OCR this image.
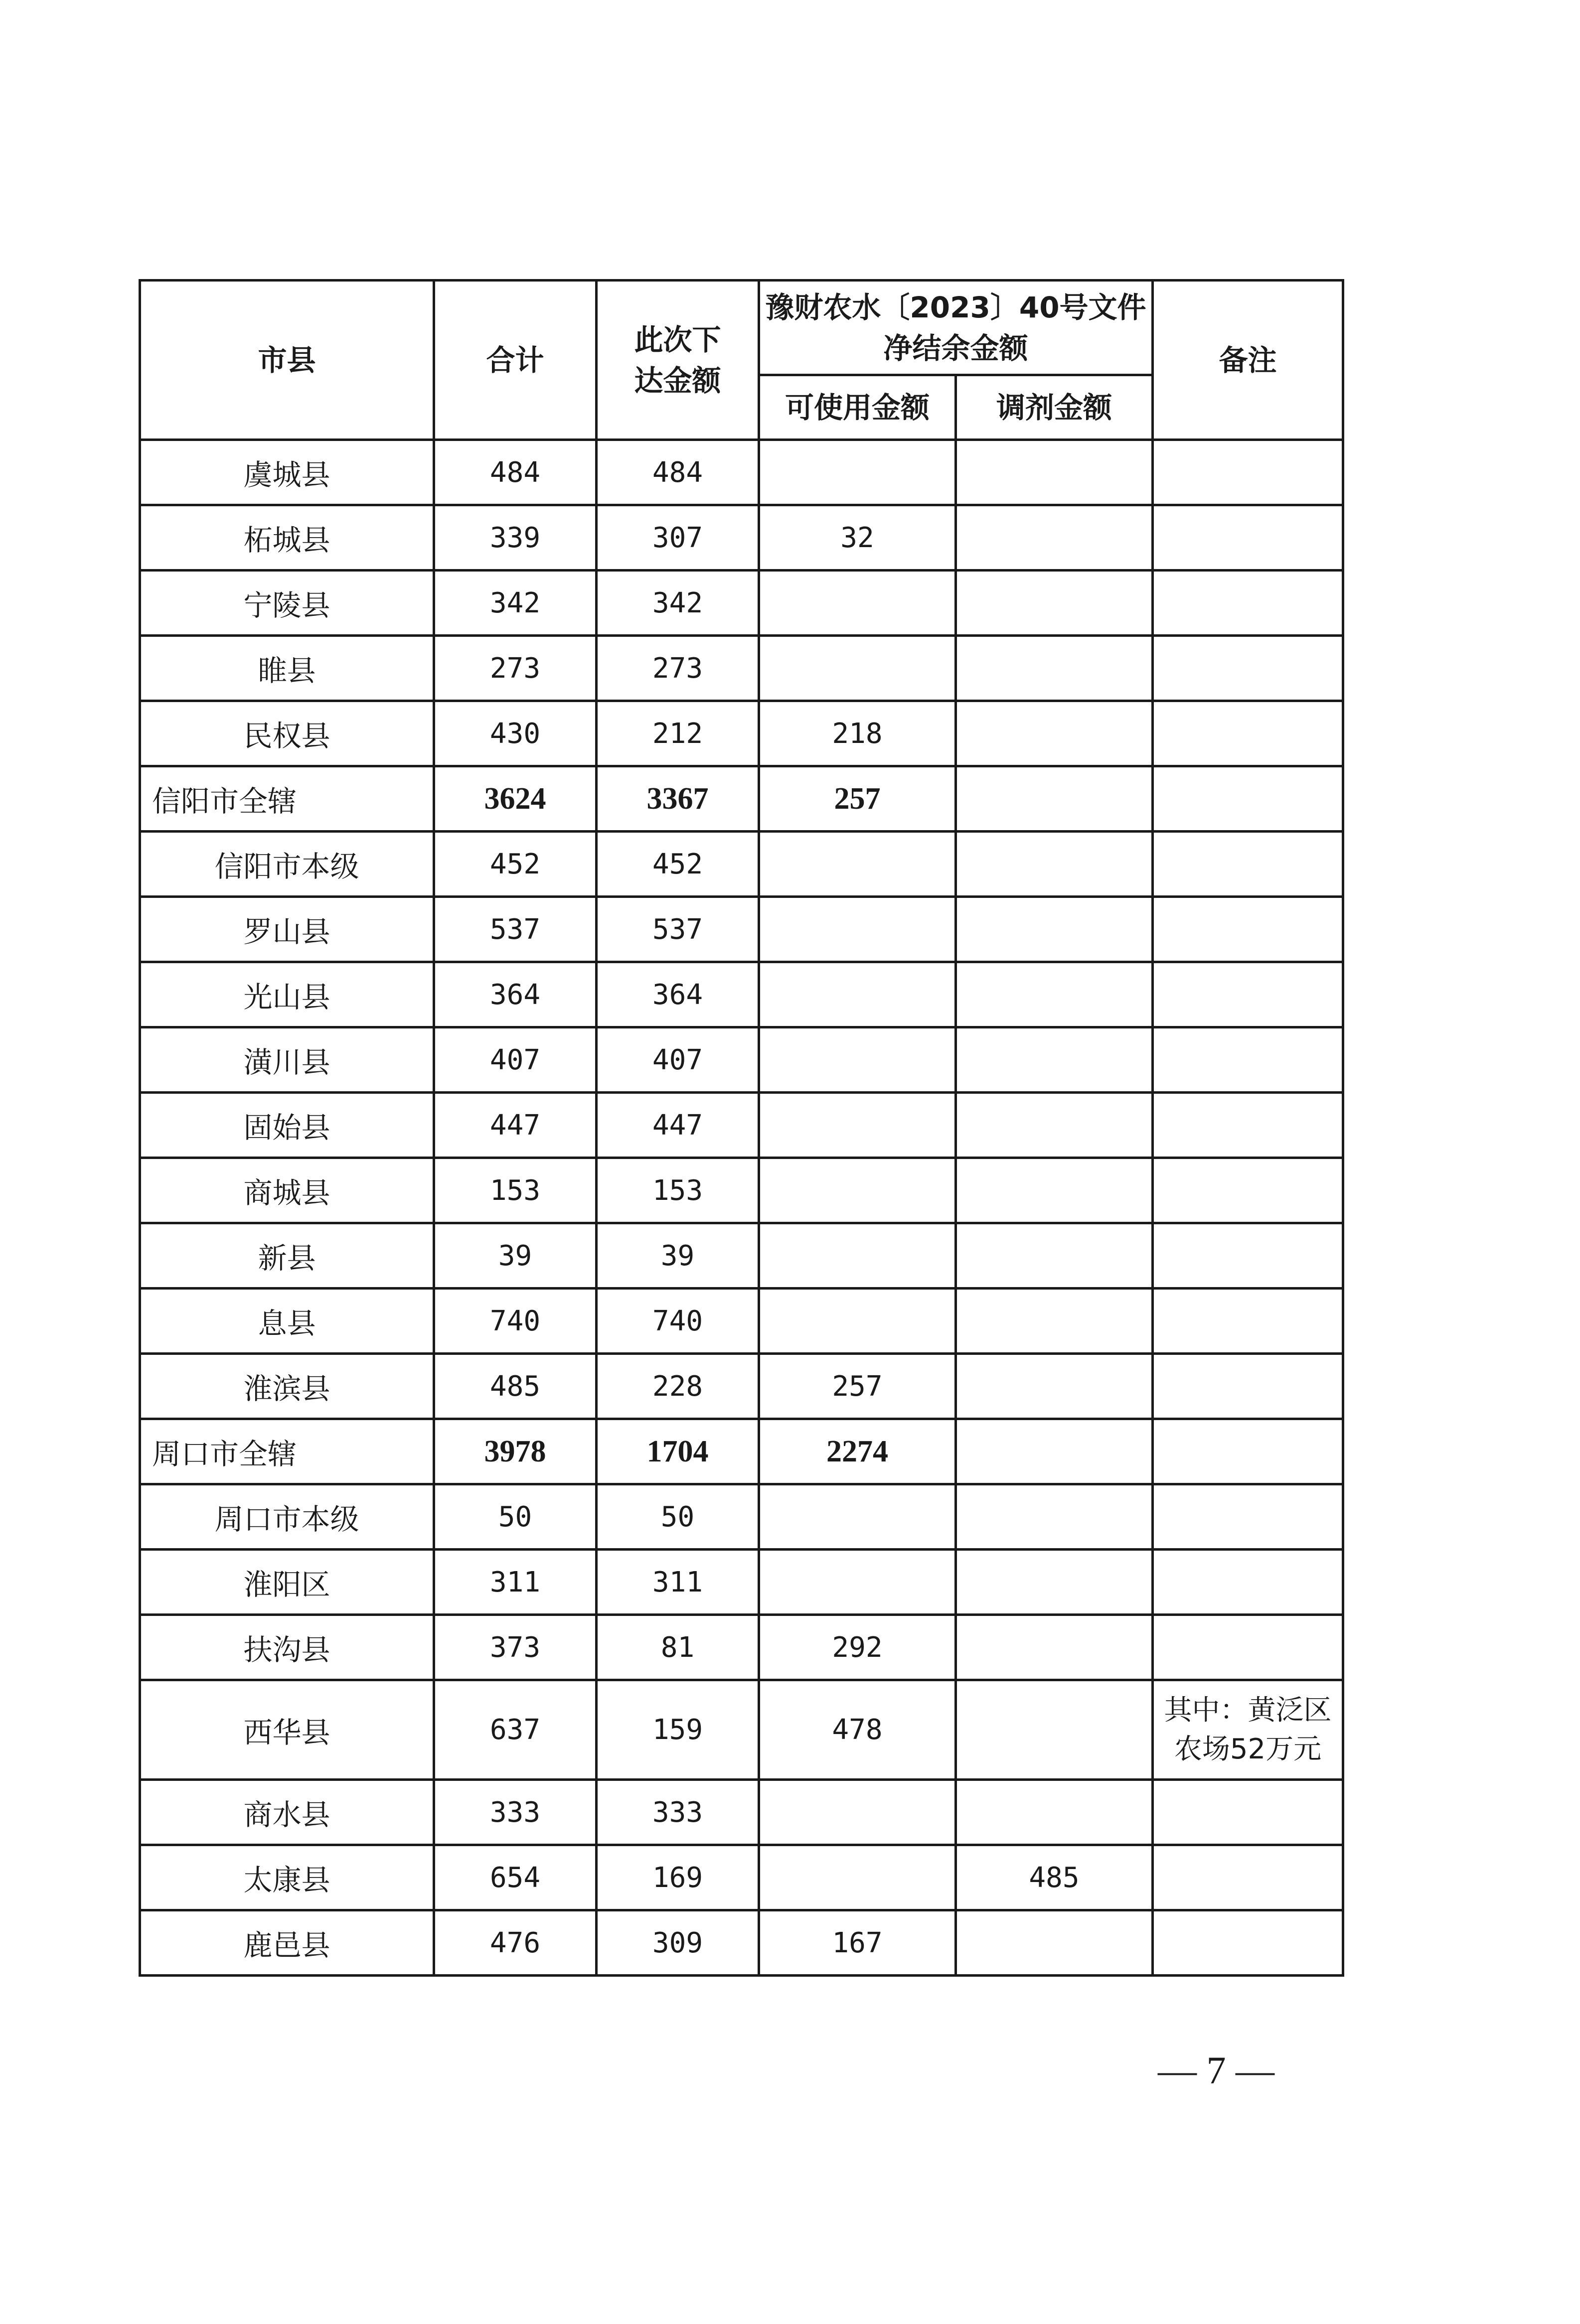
市县	合计	此次下达金额	豫财农水〔2023〕40号文件净结余金额		备注
			可使用金额	调剂金额	
虞城县	484	484			
柘城县	339	307	32		
宁陵县	342	342			
睢县	273	273			
民权县	430	212	218		
信阳市全辖	3624	3367	257		
信阳市本级	452	452			
罗山县	537	537			
光山县	364	364			
潢川县	407	407			
固始县	447	447			
商城县	153	153			
新县	39	39			
息县	740	740			
淮滨县	485	228	257		
周口市全辖	3978	1704	2274		
周口市本级	50	50			
淮阳区	311	311			
扶沟县	373	81	292		
西华县	637	159	478		其中：黄泛区农场52万元
商水县	333	333			
太康县	654	169		485	
鹿邑县	476	309	167		
— 7 —
